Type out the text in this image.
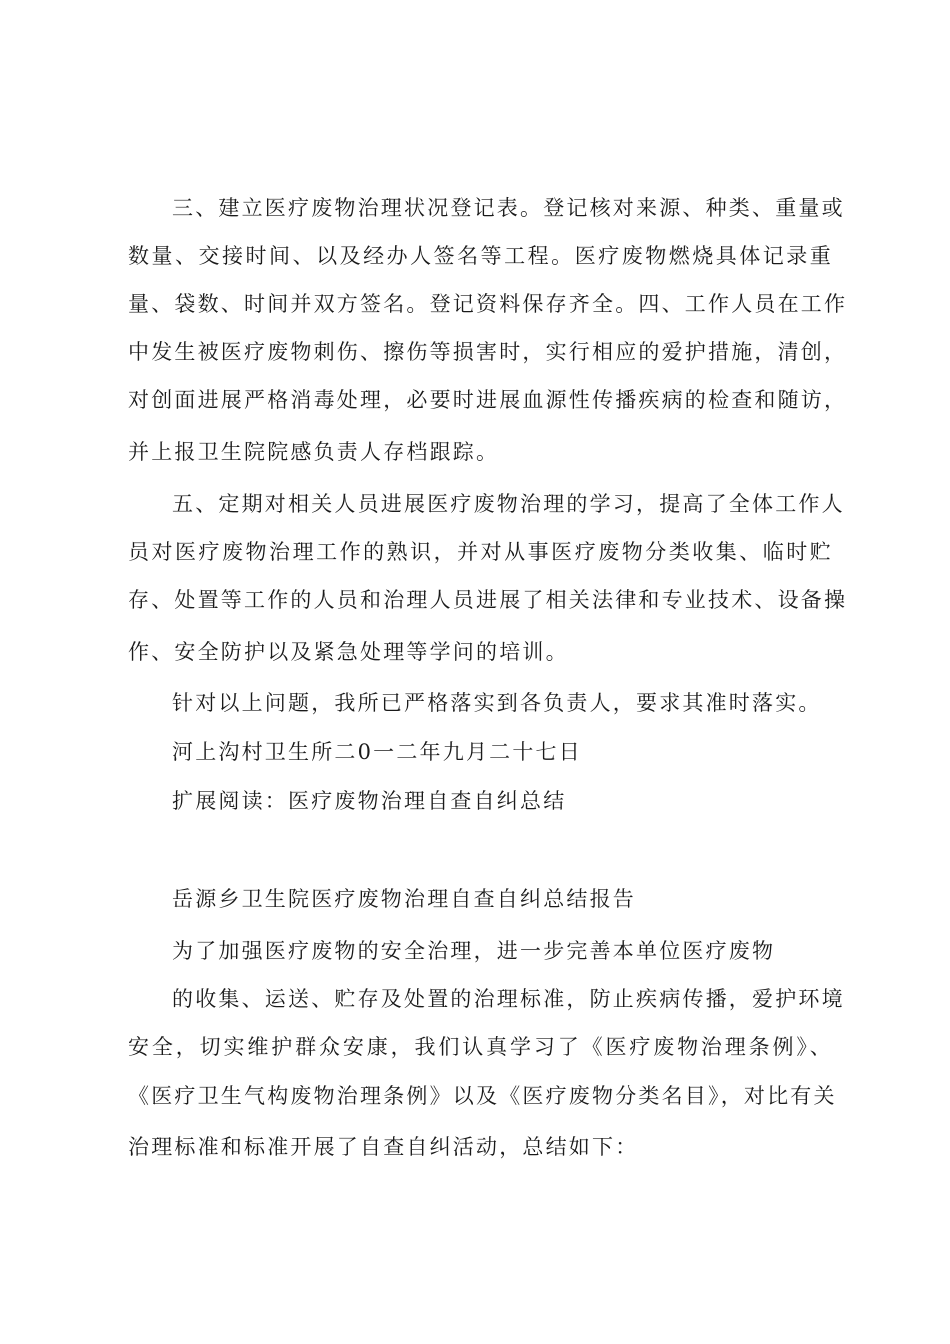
三、建立医疗废物治理状况登记表。登记核对来源、种类、重量或
数量、交接时间、以及经办人签名等工程。医疗废物燃烧具体记录重
量、袋数、时间并双方签名。登记资料保存齐全。四、工作人员在工作
中发生被医疗废物刺伤、擦伤等损害时，实行相应的爱护措施，清创，
对创面进展严格消毒处理，必要时进展血源性传播疾病的检查和随访，
并上报卫生院院感负责人存档跟踪。
五、定期对相关人员进展医疗废物治理的学习，提高了全体工作人
员对医疗废物治理工作的熟识，并对从事医疗废物分类收集、临时贮
存、处置等工作的人员和治理人员进展了相关法律和专业技术、设备操
作、安全防护以及紧急处理等学问的培训。
针对以上问题，我所已严格落实到各负责人，要求其准时落实。
河上沟村卫生所二0一二年九月二十七日
扩展阅读：医疗废物治理自查自纠总结
岳源乡卫生院医疗废物治理自查自纠总结报告
为了加强医疗废物的安全治理，进一步完善本单位医疗废物
的收集、运送、贮存及处置的治理标准，防止疾病传播，爱护环境
安全，切实维护群众安康，我们认真学习了《医疗废物治理条例》、
《医疗卫生气构废物治理条例》以及《医疗废物分类名目》，对比有关
治理标准和标准开展了自查自纠活动，总结如下：
